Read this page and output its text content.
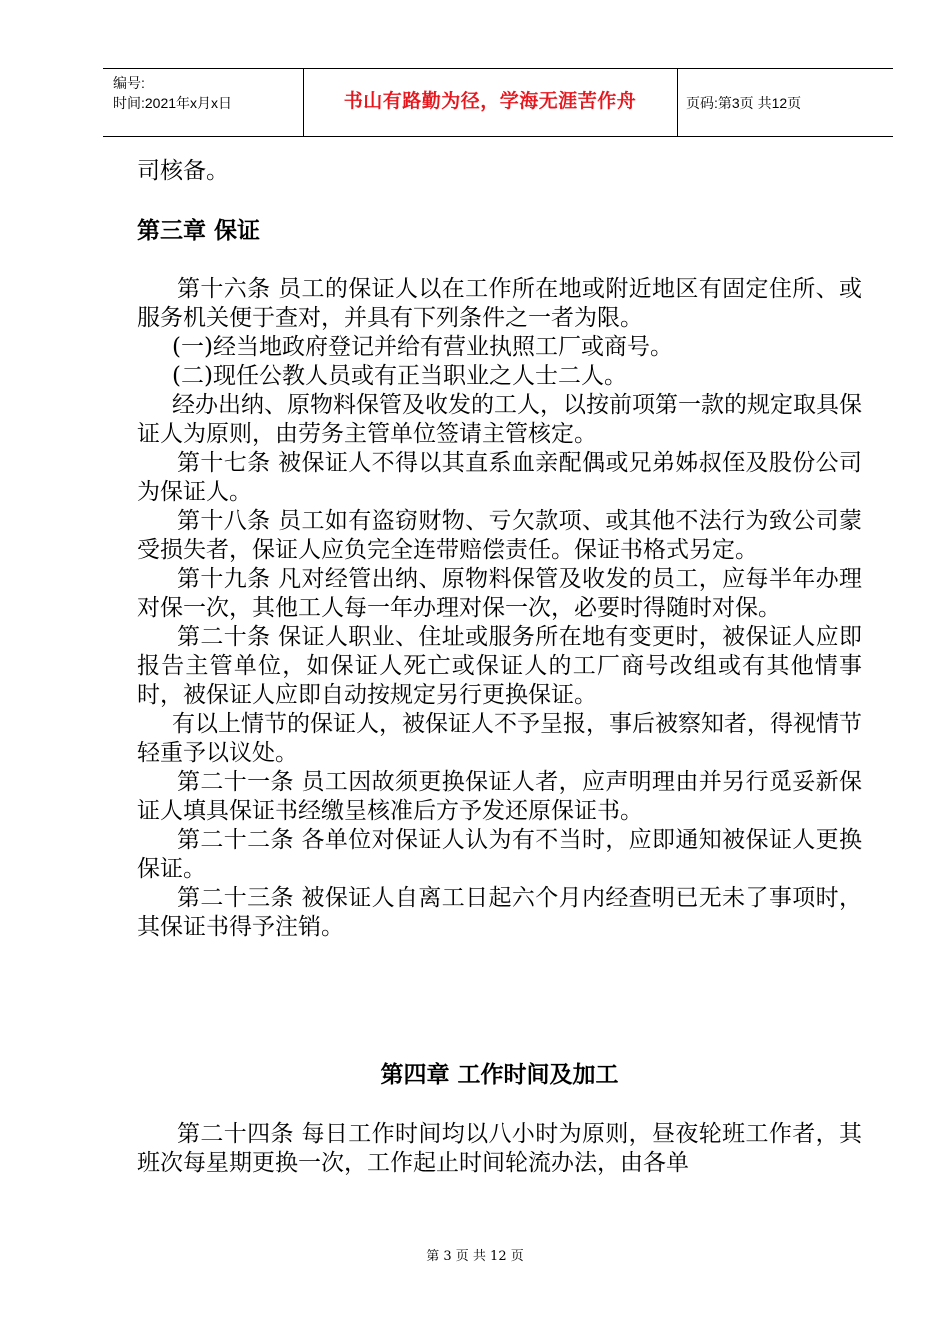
编号:
时间:2021年x月x日	书山有路勤为径，学海无涯苦作舟	页码:第3页 共12页

司核备。

第三章 保证

第十六条 员工的保证人以在工作所在地或附近地区有固定住所、或服务机关便于查对，并具有下列条件之一者为限。

(一)经当地政府登记并给有营业执照工厂或商号。

(二)现任公教人员或有正当职业之人士二人。

经办出纳、原物料保管及收发的工人，以按前项第一款的规定取具保证人为原则，由劳务主管单位签请主管核定。

第十七条 被保证人不得以其直系血亲配偶或兄弟姊叔侄及股份公司为保证人。

第十八条 员工如有盗窃财物、亏欠款项、或其他不法行为致公司蒙受损失者，保证人应负完全连带赔偿责任。保证书格式另定。

第十九条 凡对经管出纳、原物料保管及收发的员工，应每半年办理对保一次，其他工人每一年办理对保一次，必要时得随时对保。

第二十条 保证人职业、住址或服务所在地有变更时，被保证人应即报告主管单位，如保证人死亡或保证人的工厂商号改组或有其他情事时，被保证人应即自动按规定另行更换保证。

有以上情节的保证人，被保证人不予呈报，事后被察知者，得视情节轻重予以议处。

第二十一条 员工因故须更换保证人者，应声明理由并另行觅妥新保证人填具保证书经缴呈核准后方予发还原保证书。

第二十二条 各单位对保证人认为有不当时，应即通知被保证人更换保证。

第二十三条 被保证人自离工日起六个月内经查明已无未了事项时，其保证书得予注销。

第四章 工作时间及加工

第二十四条 每日工作时间均以八小时为原则，昼夜轮班工作者，其班次每星期更换一次，工作起止时间轮流办法，由各单

第 3 页 共 12 页
